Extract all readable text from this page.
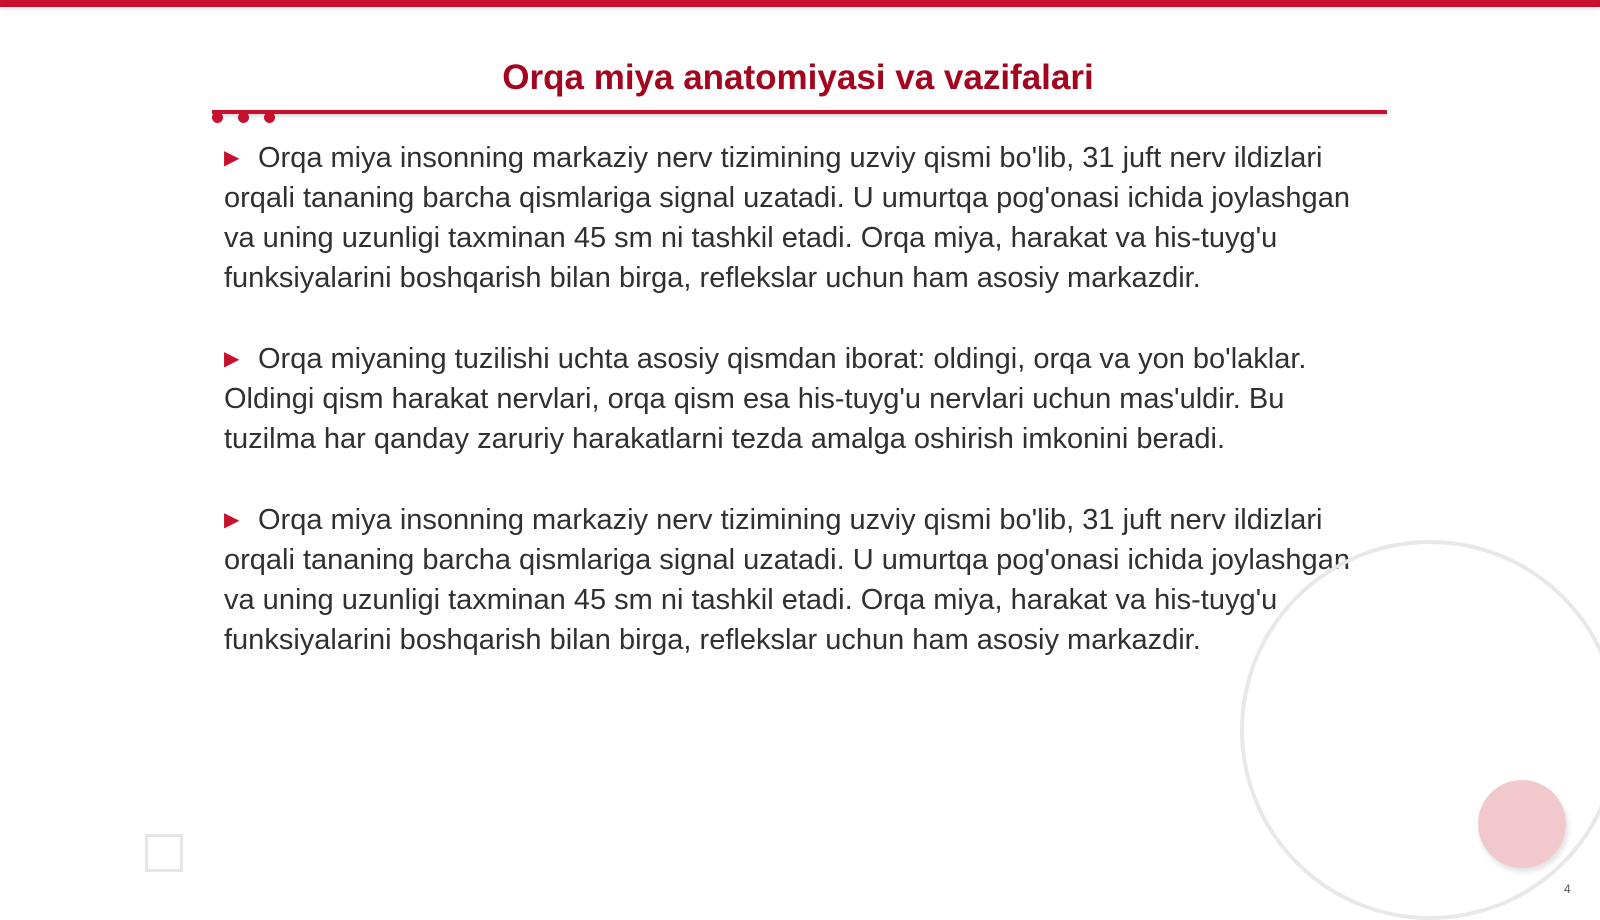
Orqa miya anatomiyasi va vazifalari

▶ Orqa miya insonning markaziy nerv tizimining uzviy qismi bo'lib, 31 juft nerv ildizlari orqali tananing barcha qismlariga signal uzatadi. U umurtqa pog'onasi ichida joylashgan va uning uzunligi taxminan 45 sm ni tashkil etadi. Orqa miya, harakat va his-tuyg'u funksiyalarini boshqarish bilan birga, reflekslar uchun ham asosiy markazdir.

▶ Orqa miyaning tuzilishi uchta asosiy qismdan iborat: oldingi, orqa va yon bo'laklar. Oldingi qism harakat nervlari, orqa qism esa his-tuyg'u nervlari uchun mas'uldir. Bu tuzilma har qanday zaruriy harakatlarni tezda amalga oshirish imkonini beradi.

▶ Orqa miya insonning markaziy nerv tizimining uzviy qismi bo'lib, 31 juft nerv ildizlari orqali tananing barcha qismlariga signal uzatadi. U umurtqa pog'onasi ichida joylashgan va uning uzunligi taxminan 45 sm ni tashkil etadi. Orqa miya, harakat va his-tuyg'u funksiyalarini boshqarish bilan birga, reflekslar uchun ham asosiy markazdir.

4
